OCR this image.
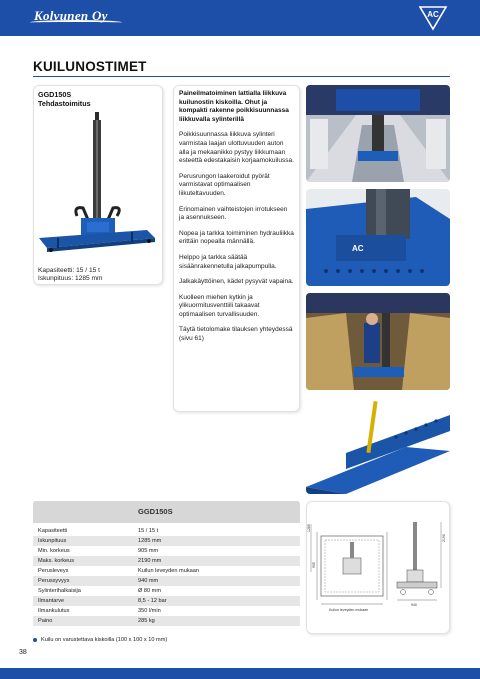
Kolvunen Oy	AC
KUILUNOSTIMET
GGD150S
Tehdastoimitus
Kapasiteetti: 15 / 15 t
Iskunpituus: 1285 mm
Paineilmatoiminen lattialla liikkuva kuilunostin kiskoilla. Ohut ja kompakti rakenne poikkisuunnassa liikkuvalla sylinterillä
Poikkisuunnassa liikkuva sylinteri varmistaa laajan ulottuvuuden auton alla ja mekaanikko pystyy liikkumaan esteettä edestakaisin korjaamokuilussa.
Perusrungon laakeroidut pyörät varmistavat optimaalisen liikuteltavuuden.
Erinomainen vaihteistojen irrotukseen ja asennukseen.
Nopea ja tarkka toimiminen hydrauliikka erittäin nopealla männällä.
Helppo ja tarkka säätää sisäänrakennetulla jalkapumpulla.
Jalkakäyttöinen, kädet pysyvät vapaina.
Kuolleen miehen kytkin ja ylikuormitusventtiili takaavat optimaalisen turvallisuuden.
Täytä tietolomake tilauksen yhteydessä (sivu 61)
AC
GGD150S
Kapasiteetti	15 / 15 t
Iskunpituus	1285 mm
Min. korkeus	905 mm
Maks. korkeus	2190 mm
Perusleveys	Kuilun leveyden mukaan
Perussyvyys	940 mm
Sylinterihalkaisija	Ø 80 mm
Ilmantarve	8,5 - 12 bar
Ilmankulutus	350 l/min
Paino	285 kg
Kuilu on varustettava kiskoilla (100 x 100 x 10 mm)
1285
905
Kuilun leveyden mukaan
2190
940
38
